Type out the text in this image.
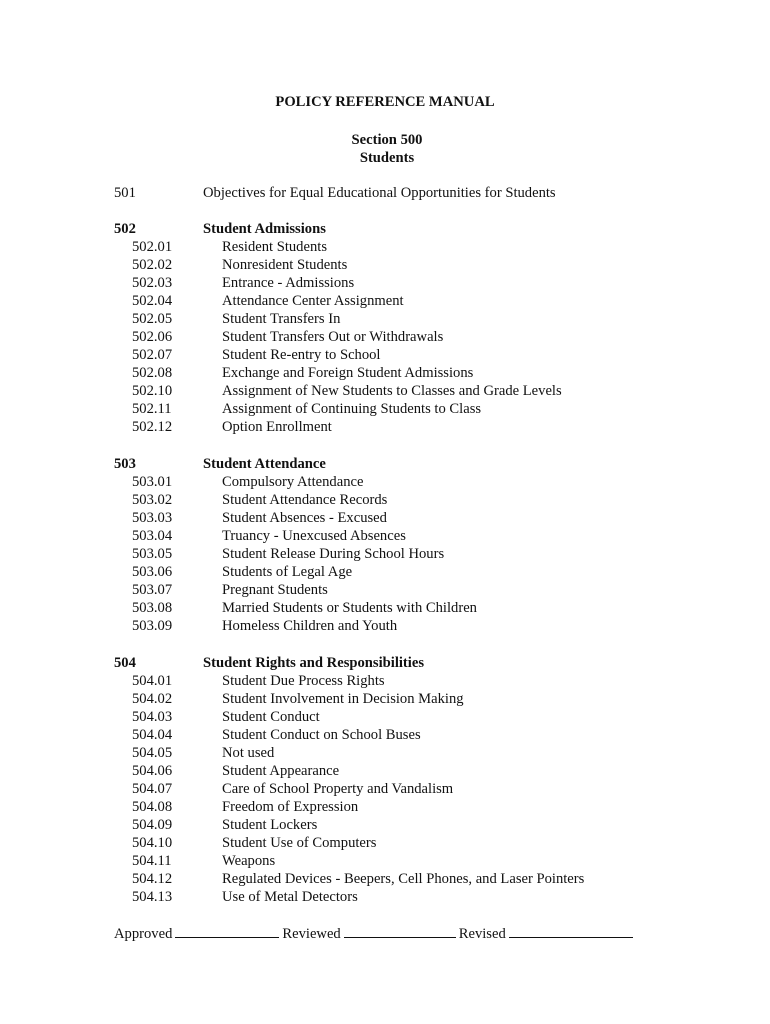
POLICY REFERENCE MANUAL
Section 500
Students
501	Objectives for Equal Educational Opportunities for Students
502	Student Admissions
502.01	Resident Students
502.02	Nonresident Students
502.03	Entrance - Admissions
502.04	Attendance Center Assignment
502.05	Student Transfers In
502.06	Student Transfers Out or Withdrawals
502.07	Student Re-entry to School
502.08	Exchange and Foreign Student Admissions
502.10	Assignment of New Students to Classes and Grade Levels
502.11	Assignment of Continuing Students to Class
502.12	Option Enrollment
503	Student Attendance
503.01	Compulsory Attendance
503.02	Student Attendance Records
503.03	Student Absences - Excused
503.04	Truancy - Unexcused Absences
503.05	Student Release During School Hours
503.06	Students of Legal Age
503.07	Pregnant Students
503.08	Married Students or Students with Children
503.09	Homeless Children and Youth
504	Student Rights and Responsibilities
504.01	Student Due Process Rights
504.02	Student Involvement in Decision Making
504.03	Student Conduct
504.04	Student Conduct on School Buses
504.05	Not used
504.06	Student Appearance
504.07	Care of School Property and Vandalism
504.08	Freedom of Expression
504.09	Student Lockers
504.10	Student Use of Computers
504.11	Weapons
504.12	Regulated Devices - Beepers, Cell Phones, and Laser Pointers
504.13	Use of Metal Detectors
Approved	Reviewed	Revised
